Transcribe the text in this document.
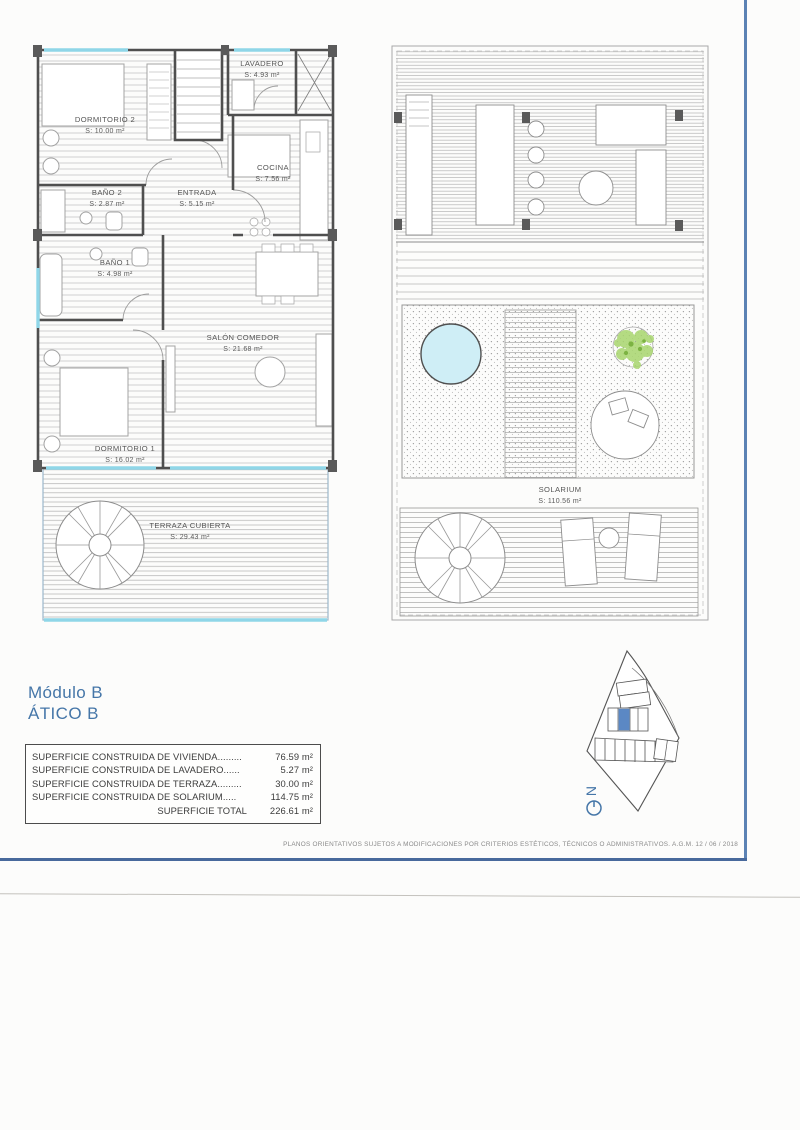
DORMITORIO 2
S: 10.00 m²
LAVADERO
S: 4.93 m²
BAÑO 2
S: 2.87 m²
ENTRADA
S: 5.15 m²
COCINA
S: 7.56 m²
BAÑO 1
S: 4.98 m²
SALÓN COMEDOR
S: 21.68 m²
DORMITORIO 1
S: 16.02 m²
TERRAZA CUBIERTA
S: 29.43 m²
SOLARIUM
S: 110.56 m²
Módulo B
ÁTICO B
SUPERFICIE CONSTRUIDA DE VIVIENDA.........	76.59 m²
SUPERFICIE CONSTRUIDA DE LAVADERO......	5.27 m²
SUPERFICIE CONSTRUIDA DE TERRAZA.........	30.00 m²
SUPERFICIE CONSTRUIDA DE SOLARIUM.....	114.75 m²
SUPERFICIE TOTAL	226.61 m²
N
PLANOS ORIENTATIVOS SUJETOS A MODIFICACIONES POR CRITERIOS ESTÉTICOS, TÉCNICOS O ADMINISTRATIVOS. A.G.M. 12 / 06 / 2018
